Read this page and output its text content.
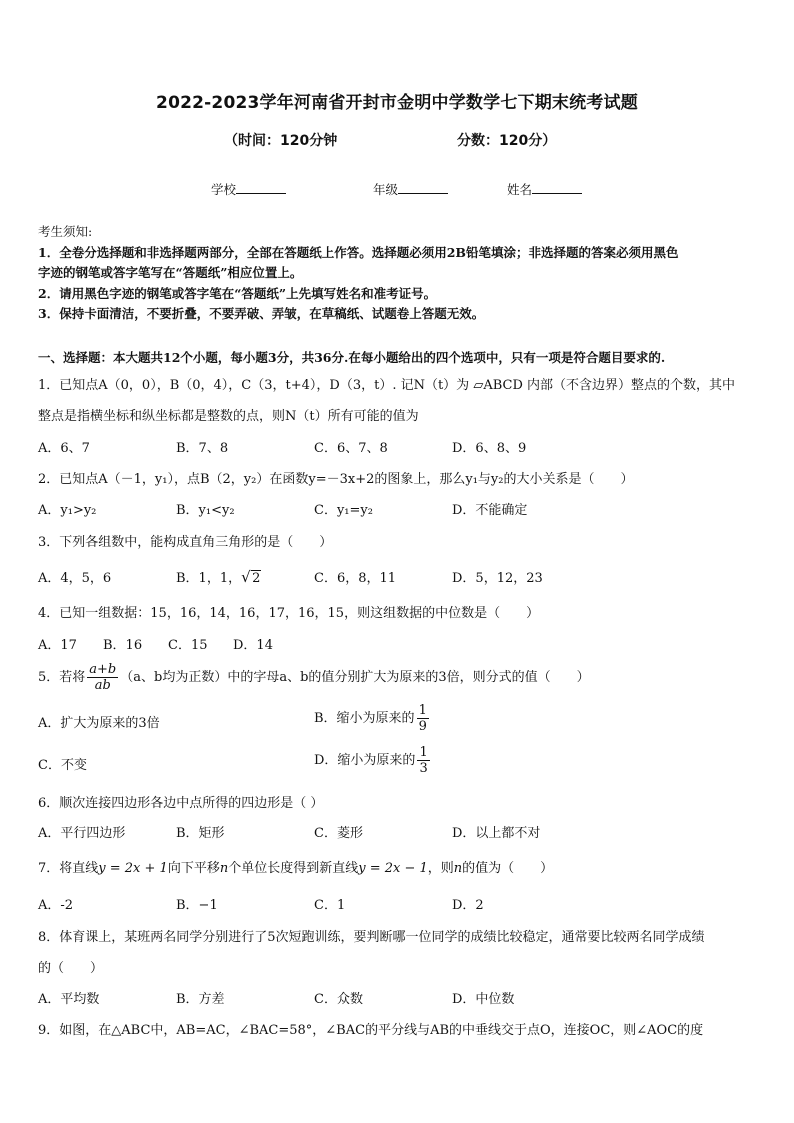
2022-2023学年河南省开封市金明中学数学七下期末统考试题
（时间：120分钟	分数：120分）
学校	年级	姓名
考生须知:
1．全卷分选择题和非选择题两部分，全部在答题纸上作答。选择题必须用2B铅笔填涂；非选择题的答案必须用黑色
字迹的钢笔或答字笔写在“答题纸”相应位置上。
2．请用黑色字迹的钢笔或答字笔在“答题纸”上先填写姓名和准考证号。
3．保持卡面清洁，不要折叠，不要弄破、弄皱，在草稿纸、试题卷上答题无效。
一、选择题：本大题共12个小题，每小题3分，共36分.在每小题给出的四个选项中，只有一项是符合题目要求的.
1．已知点A（0，0），B（0，4），C（3，t+4），D（3，t）. 记N（t）为 ▱ABCD 内部（不含边界）整点的个数，其中
整点是指横坐标和纵坐标都是整数的点，则N（t）所有可能的值为
A．6、7	B．7、8	C．6、7、8	D．6、8、9
2．已知点A（－1，y₁），点B（2，y₂）在函数y=－3x+2的图象上，那么y₁与y₂的大小关系是（　　）
A．y₁>y₂	B．y₁<y₂	C．y₁=y₂	D．不能确定
3．下列各组数中，能构成直角三角形的是（　　）
A．4，5，6	B．1，1， √ 2	C．6，8，11	D．5，12，23
4．已知一组数据：15，16，14，16，17，16，15，则这组数据的中位数是（　　）
A．17 B．16 C．15 D．14
5．若将 $\frac{a+b}{ab} (a$、b均为正数）中的字母a、b的值分别扩大为原来的3倍，则分式的值（　　）
A．扩大为原来的3倍	B．缩小为原来的 $\frac{1}{9}$
C．不变	D．缩小为原来的 $\frac{1}{3}$
6．顺次连接四边形各边中点所得的四边形是（ ）
A．平行四边形	B．矩形	C．菱形	D．以上都不对
7．将直线y = 2x + 1向下平移n个单位长度得到新直线y = 2x − 1，则n的值为（　　）
A．-2	B．−1	C．1	D．2
8．体育课上，某班两名同学分别进行了5次短跑训练，要判断哪一位同学的成绩比较稳定，通常要比较两名同学成绩
的（　　）
A．平均数	B．方差	C．众数	D．中位数
9．如图，在△ABC中，AB=AC，∠BAC=58°，∠BAC的平分线与AB的中垂线交于点O，连接OC，则∠AOC的度
